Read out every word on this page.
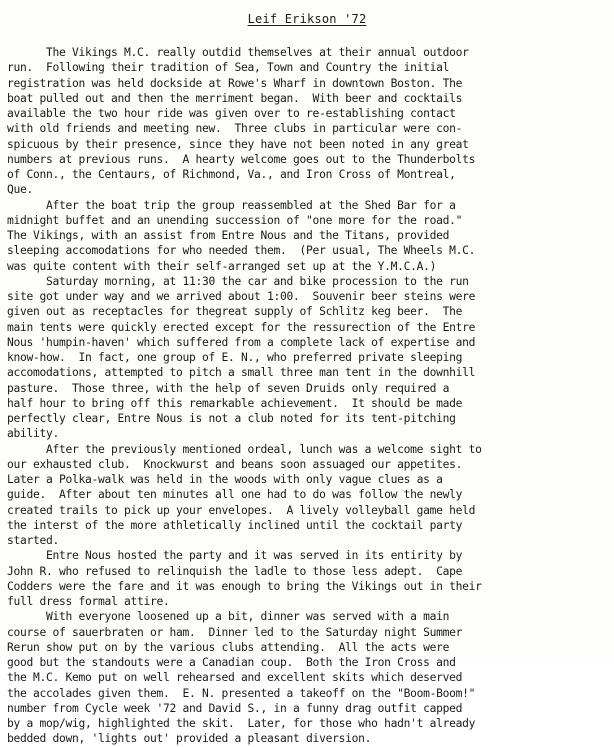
Leif Erikson '72
The Vikings M.C. really outdid themselves at their annual outdoor
run.  Following their tradition of Sea, Town and Country the initial
registration was held dockside at Rowe's Wharf in downtown Boston. The
boat pulled out and then the merriment began.  With beer and cocktails
available the two hour ride was given over to re-establishing contact
with old friends and meeting new.  Three clubs in particular were con-
spicuous by their presence, since they have not been noted in any great
numbers at previous runs.  A hearty welcome goes out to the Thunderbolts
of Conn., the Centaurs, of Richmond, Va., and Iron Cross of Montreal,
Que.
After the boat trip the group reassembled at the Shed Bar for a
midnight buffet and an unending succession of "one more for the road."
The Vikings, with an assist from Entre Nous and the Titans, provided
sleeping accomodations for who needed them.  (Per usual, The Wheels M.C.
was quite content with their self-arranged set up at the Y.M.C.A.)
Saturday morning, at 11:30 the car and bike procession to the run
site got under way and we arrived about 1:00.  Souvenir beer steins were
given out as receptacles for thegreat supply of Schlitz keg beer.  The
main tents were quickly erected except for the ressurection of the Entre
Nous 'humpin-haven' which suffered from a complete lack of expertise and
know-how.  In fact, one group of E. N., who preferred private sleeping
accomodations, attempted to pitch a small three man tent in the downhill
pasture.  Those three, with the help of seven Druids only required a
half hour to bring off this remarkable achievement.  It should be made
perfectly clear, Entre Nous is not a club noted for its tent-pitching
ability.
After the previously mentioned ordeal, lunch was a welcome sight to
our exhausted club.  Knockwurst and beans soon assuaged our appetites.
Later a Polka-walk was held in the woods with only vague clues as a
guide.  After about ten minutes all one had to do was follow the newly
created trails to pick up your envelopes.  A lively volleyball game held
the interst of the more athletically inclined until the cocktail party
started.
Entre Nous hosted the party and it was served in its entirity by
John R. who refused to relinquish the ladle to those less adept.  Cape
Codders were the fare and it was enough to bring the Vikings out in their
full dress formal attire.
With everyone loosened up a bit, dinner was served with a main
course of sauerbraten or ham.  Dinner led to the Saturday night Summer
Rerun show put on by the various clubs attending.  All the acts were
good but the standouts were a Canadian coup.  Both the Iron Cross and
the M.C. Kemo put on well rehearsed and excellent skits which deserved
the accolades given them.  E. N. presented a takeoff on the "Boom-Boom!"
number from Cycle week '72 and David S., in a funny drag outfit capped
by a mop/wig, highlighted the skit.  Later, for those who hadn't already
bedded down, 'lights out' provided a pleasant diversion.
